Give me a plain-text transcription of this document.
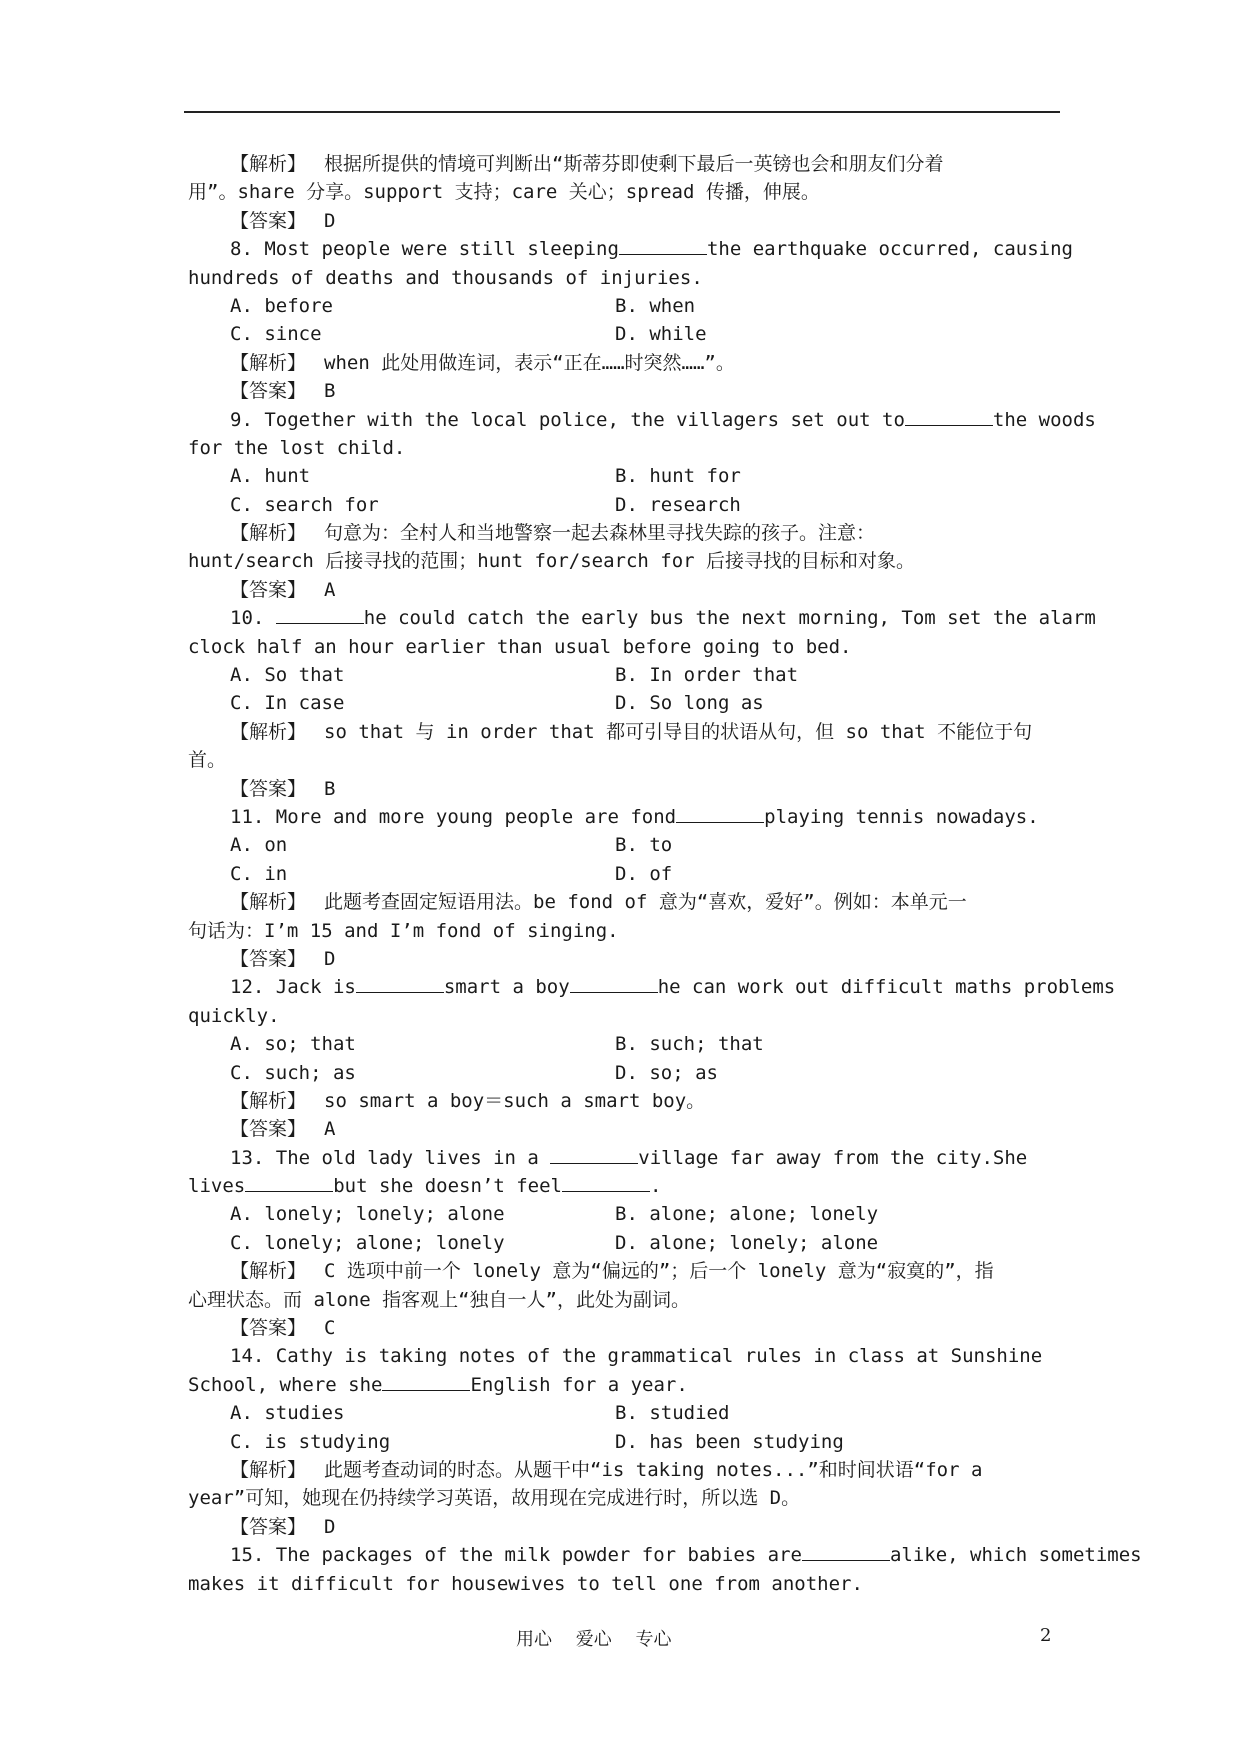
【解析】 根据所提供的情境可判断出“斯蒂芬即使剩下最后一英镑也会和朋友们分着
用”。share 分享。support 支持；care 关心；spread 传播，伸展。
【答案】 D
8. Most people were still sleeping	the earthquake occurred, causing
hundreds of deaths and thousands of injuries.
A. before	B. when
C. since	D. while
【解析】 when 此处用做连词，表示“正在……时突然……”。
【答案】 B
9. Together with the local police, the villagers set out to	the woods
for the lost child.
A. hunt	B. hunt for
C. search for	D. research
【解析】 句意为：全村人和当地警察一起去森林里寻找失踪的孩子。注意：
hunt/search 后接寻找的范围；hunt for/search for 后接寻找的目标和对象。
【答案】 A
10.	he could catch the early bus the next morning, Tom set the alarm
clock half an hour earlier than usual before going to bed.
A. So that	B. In order that
C. In case	D. So long as
【解析】 so that 与 in order that 都可引导目的状语从句，但 so that 不能位于句
首。
【答案】 B
11. More and more young people are fond	playing tennis nowadays.
A. on	B. to
C. in	D. of
【解析】 此题考查固定短语用法。be fond of 意为“喜欢，爱好”。例如：本单元一
句话为：I’m 15 and I’m fond of singing.
【答案】 D
12. Jack is	smart a boy	he can work out difficult maths problems
quickly.
A. so; that	B. such; that
C. such; as	D. so; as
【解析】 so smart a boy＝such a smart boy。
【答案】 A
13. The old lady lives in a	village far away from the city.She
lives	but she doesn’t feel	.
A. lonely; lonely; alone	B. alone; alone; lonely
C. lonely; alone; lonely	D. alone; lonely; alone
【解析】 C 选项中前一个 lonely 意为“偏远的”；后一个 lonely 意为“寂寞的”，指
心理状态。而 alone 指客观上“独自一人”，此处为副词。
【答案】 C
14. Cathy is taking notes of the grammatical rules in class at Sunshine
School, where she	English for a year.
A. studies	B. studied
C. is studying	D. has been studying
【解析】 此题考查动词的时态。从题干中“is taking notes...”和时间状语“for a
year”可知，她现在仍持续学习英语，故用现在完成进行时，所以选 D。
【答案】 D
15. The packages of the milk powder for babies are	alike, which sometimes
makes it difficult for housewives to tell one from another.
用心　 爱心　 专心	2
